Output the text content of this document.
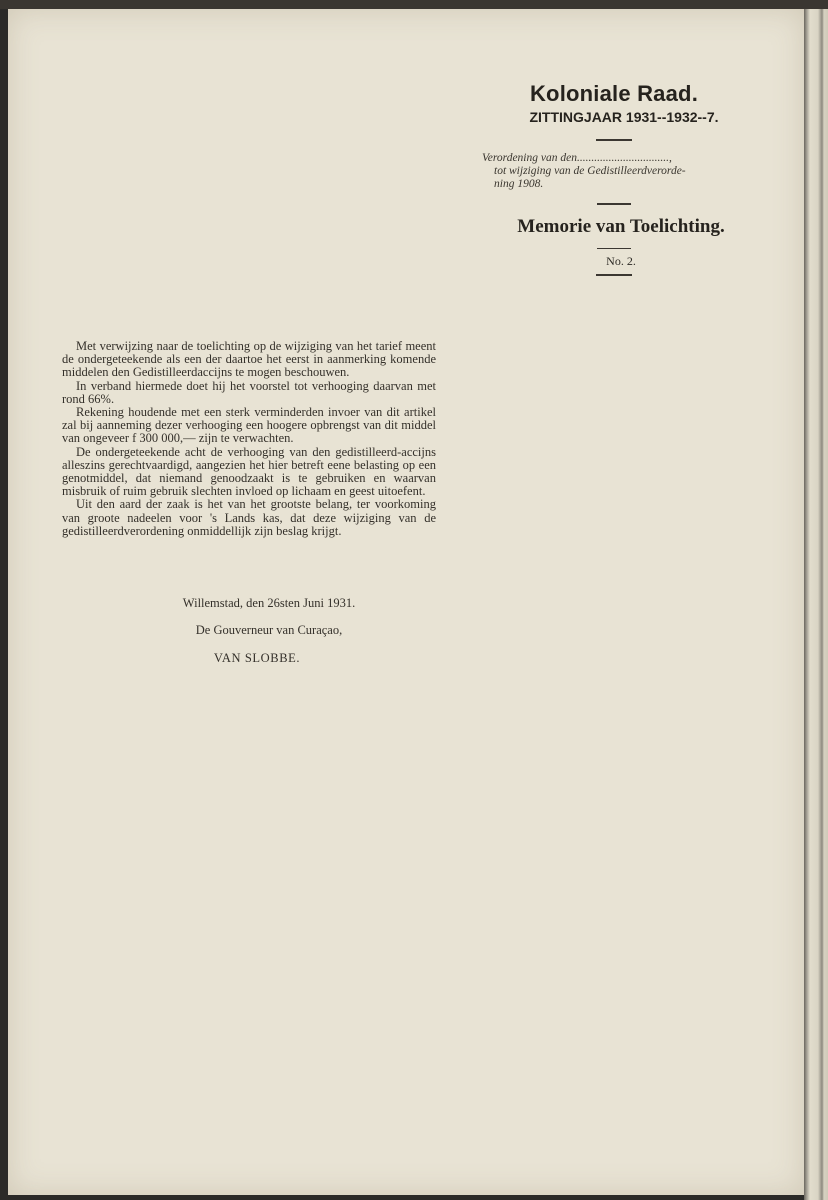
Koloniale Raad.
ZITTINGJAAR 1931--1932--7.
Verordening van den................................,
tot wijziging van de Gedistilleerdverorde-
ning 1908.
Memorie van Toelichting.
No. 2.

Met verwijzing naar de toelichting op de wijziging van het tarief meent de ondergeteekende als een der daartoe het eerst in aanmerking komende middelen den Gedistilleerdaccijns te mogen beschouwen.

In verband hiermede doet hij het voorstel tot verhooging daarvan met rond 66%.

Rekening houdende met een sterk verminderden invoer van dit artikel zal bij aanneming dezer verhooging een hoogere opbrengst van dit middel van ongeveer f 300 000,— zijn te verwachten.

De ondergeteekende acht de verhooging van den gedistilleerd-accijns alleszins gerechtvaardigd, aangezien het hier betreft eene belasting op een genotmiddel, dat niemand genoodzaakt is te gebruiken en waarvan misbruik of ruim gebruik slechten invloed op lichaam en geest uitoefent.

Uit den aard der zaak is het van het grootste belang, ter voorkoming van groote nadeelen voor 's Lands kas, dat deze wijziging van de gedistilleerdverordening onmiddellijk zijn beslag krijgt.

Willemstad, den 26sten Juni 1931.

De Gouverneur van Curaçao,

VAN SLOBBE.
